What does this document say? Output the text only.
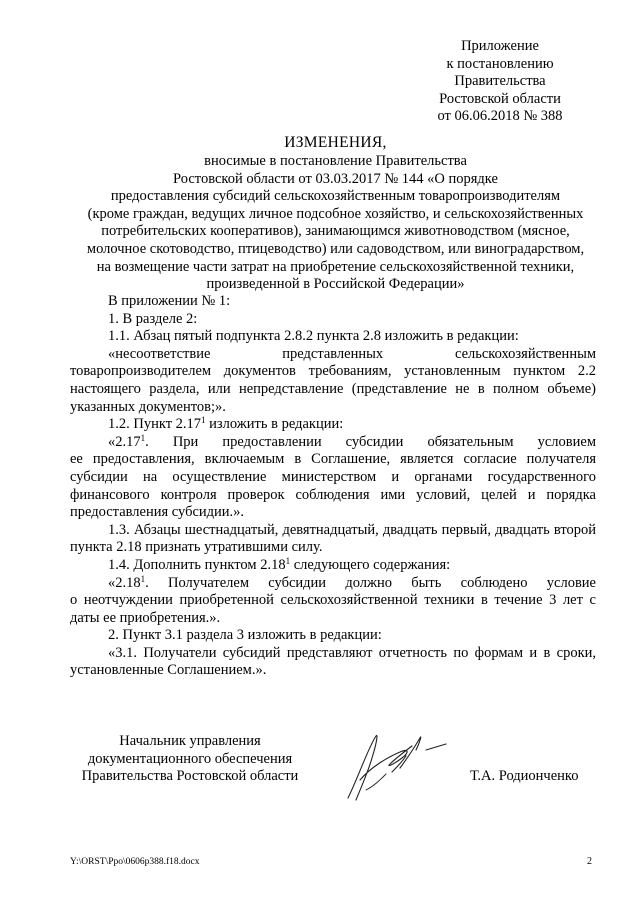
Приложение
к постановлению
Правительства
Ростовской области
от 06.06.2018 № 388
ИЗМЕНЕНИЯ,
вносимые в постановление Правительства
Ростовской области от 03.03.2017 № 144 «О порядке
предоставления субсидий сельскохозяйственным товаропроизводителям
(кроме граждан, ведущих личное подсобное хозяйство, и сельскохозяйственных
потребительских кооперативов), занимающимся животноводством (мясное,
молочное скотоводство, птицеводство) или садоводством, или виноградарством,
на возмещение части затрат на приобретение сельскохозяйственной техники,
произведенной в Российской Федерации»

В приложении № 1:

1. В разделе 2:

1.1. Абзац пятый подпункта 2.8.2 пункта 2.8 изложить в редакции:

«несоответствие представленных сельскохозяйственным

товаропроизводителем документов требованиям, установленным пунктом 2.2 настоящего раздела, или непредставление (представление не в полном объеме) указанных документов;».

1.2. Пункт 2.17$^1$ изложить в редакции:

«2.17$^1$. При предоставлении субсидии обязательным условием

ее предоставления, включаемым в Соглашение, является согласие получателя субсидии на осуществление министерством и органами государственного финансового контроля проверок соблюдения ими условий, целей и порядка предоставления субсидии.».

1.3. Абзацы шестнадцатый, девятнадцатый, двадцать первый, двадцать второй пункта 2.18 признать утратившими силу.

1.4. Дополнить пунктом 2.18$^1$ следующего содержания:

«2.18$^1$. Получателем субсидии должно быть соблюдено условие

о неотчуждении приобретенной сельскохозяйственной техники в течение 3 лет с даты ее приобретения.».

2. Пункт 3.1 раздела 3 изложить в редакции:

«3.1. Получатели субсидий представляют отчетность по формам и в сроки, установленные Соглашением.».

Начальник управления
документационного обеспечения
Правительства Ростовской области	Т.А. Родионченко
Y:\ORST\Ppo\0606p388.f18.docx	2
